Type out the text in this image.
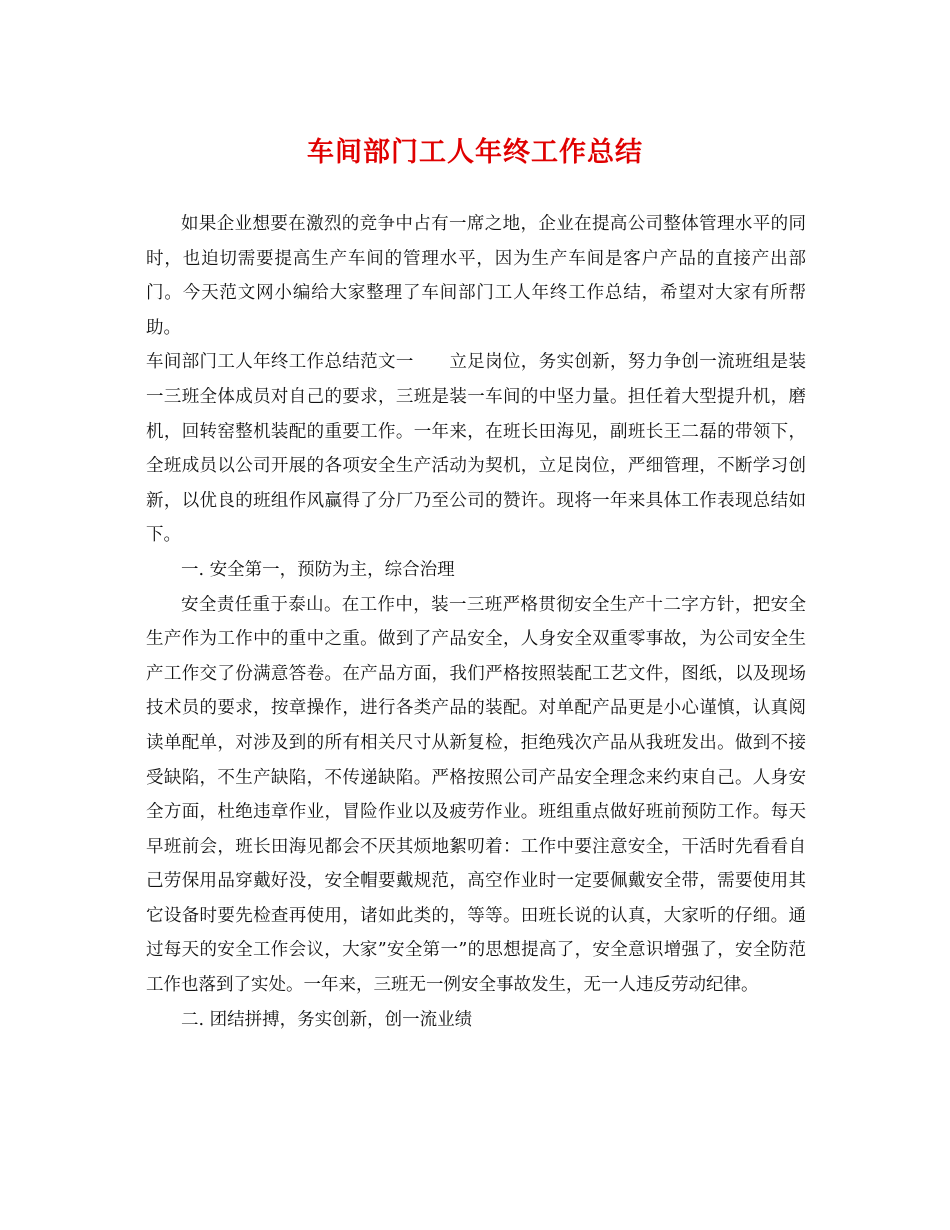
车间部门工人年终工作总结

如果企业想要在激烈的竞争中占有一席之地，企业在提高公司整体管理水平的同时，也迫切需要提高生产车间的管理水平，因为生产车间是客户产品的直接产出部门。今天范文网小编给大家整理了车间部门工人年终工作总结，希望对大家有所帮助。

车间部门工人年终工作总结范文一　　立足岗位，务实创新，努力争创一流班组是装一三班全体成员对自己的要求，三班是装一车间的中坚力量。担任着大型提升机，磨机，回转窑整机装配的重要工作。一年来，在班长田海见，副班长王二磊的带领下，全班成员以公司开展的各项安全生产活动为契机，立足岗位，严细管理，不断学习创新，以优良的班组作风赢得了分厂乃至公司的赞许。现将一年来具体工作表现总结如下。

一. 安全第一，预防为主，综合治理

安全责任重于泰山。在工作中，装一三班严格贯彻安全生产十二字方针，把安全生产作为工作中的重中之重。做到了产品安全，人身安全双重零事故，为公司安全生产工作交了份满意答卷。在产品方面，我们严格按照装配工艺文件，图纸，以及现场技术员的要求，按章操作，进行各类产品的装配。对单配产品更是小心谨慎，认真阅读单配单，对涉及到的所有相关尺寸从新复检，拒绝残次产品从我班发出。做到不接受缺陷，不生产缺陷，不传递缺陷。严格按照公司产品安全理念来约束自己。人身安全方面，杜绝违章作业，冒险作业以及疲劳作业。班组重点做好班前预防工作。每天早班前会，班长田海见都会不厌其烦地絮叨着：工作中要注意安全，干活时先看看自己劳保用品穿戴好没，安全帽要戴规范，高空作业时一定要佩戴安全带，需要使用其它设备时要先检查再使用，诸如此类的，等等。田班长说的认真，大家听的仔细。通过每天的安全工作会议，大家”安全第一”的思想提高了，安全意识增强了，安全防范工作也落到了实处。一年来，三班无一例安全事故发生，无一人违反劳动纪律。

二. 团结拼搏，务实创新，创一流业绩
